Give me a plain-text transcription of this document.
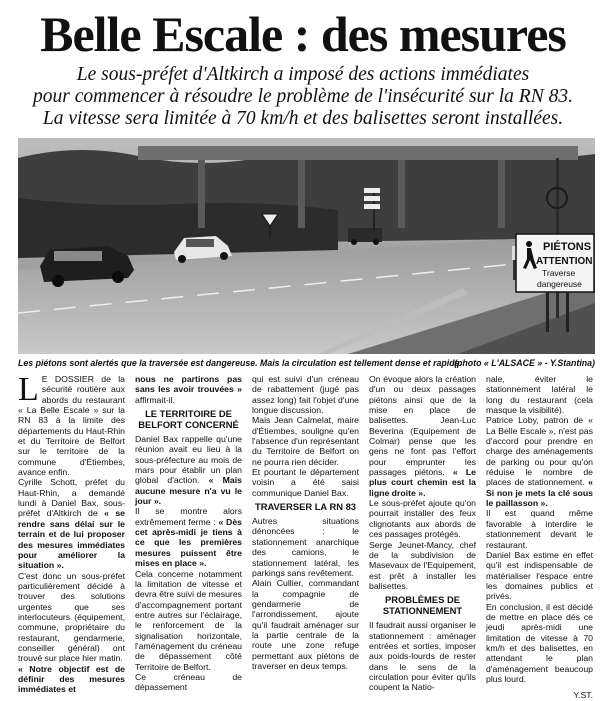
Belle Escale : des mesures
Le sous-préfet d'Altkirch a imposé des actions immédiates
pour commencer à résoudre le problème de l'insécurité sur la RN 83.
La vitesse sera limitée à 70 km/h et des balisettes seront installées.
PIÉTONS
ATTENTION
Traverse
dangereuse
Les piétons sont alertés que la traversée est dangereuse. Mais la circulation est tellement dense et rapide.
(photo « L'ALSACE » - Y.Stantina)

L E DOSSIER de la sécurité routière aux abords du restaurant « La Belle Escale » sur la RN 83 à la limite des départements du Haut-Rhin et du Territoire de Belfort sur le territoire de la commune d'Étiembes, avance enfin.

Cyrille Schott, préfet du Haut-Rhin, a demandé lundi à Daniel Bax, sous-préfet d'Altkirch de « se rendre sans délai sur le terrain et de lui proposer des mesures immédiates pour améliorer la situation ».

C'est donc un sous-préfet particulièrement décidé à trouver des solutions urgentes que ses interlocuteurs (équipement, commune, propriétaire du restaurant, gendarmerie, conseiller général) ont trouvé sur place hier matin.

« Notre objectif est de définir des mesures immédiates et

nous ne partirons pas sans les avoir trouvées » affirmait-il.

LE TERRITOIRE DE BELFORT CONCERNÉ

Daniel Bax rappelle qu'une réunion avait eu lieu à la sous-préfecture au mois de mars pour établir un plan global d'action. « Mais aucune mesure n'a vu le jour ».

Il se montre alors extrêmement ferme : « Dès cet après-midi je tiens à ce que les premières mesures puissent être mises en place ».

Cela concerne notamment la limitation de vitesse et devra être suivi de mesures d'accompagnement portant entre autres sur l'éclairage, le renforcement de la signalisation horizontale, l'aménagement du créneau de dépassement côté Territoire de Belfort.

Ce créneau de dépassement

qui est suivi d'un créneau de rabattement (jugé pas assez long) fait l'objet d'une longue discussion.

Mais Jean Calmelat, maire d'Étiembes, souligne qu'en l'absence d'un représentant du Territoire de Belfort on ne pourra rien décider.

Et pourtant le département voisin a été saisi communique Daniel Bax.

TRAVERSER LA RN 83

Autres situations dénoncées : le stationnement anarchique des camions, le stationnement latéral, les parkings sans revêtement.

Alain Cullier, commandant la compagnie de gendarmerie de l'arrondissement, ajoute qu'il faudrait aménager sur la partie centrale de la route une zone refuge permettant aux piétons de traverser en deux temps.

On évoque alors la création d'un ou deux passages piétons ainsi que de la mise en place de balisettes. Jean-Luc Beverina (Equipement de Colmar) pense que les gens ne font pas l'effort pour emprunter les passages piétons. « Le plus court chemin est la ligne droite ».

Le sous-préfet ajoute qu'on pourrait installer des feux clignotants aux abords de ces passages protégés.

Serge Jeunet-Mancy, chef de la subdivision de Masevaux de l'Equipement, est prêt à installer les balisettes.

PROBLÈMES DE STATIONNEMENT

Il faudrait aussi organiser le stationnement : aménager entrées et sorties, imposer aux poids-lourds de rester dans le sens de la circulation pour éviter qu'ils coupent la Natio-

nale, éviter le stationnement latéral le long du restaurant (cela masque la visibilité).

Patrice Loby, patron de « La Belle Escale », n'est pas d'accord pour prendre en charge des aménagements de parking ou pour qu'on réduise le nombre de places de stationnement. « Si non je mets la clé sous le paillasson ».

Il est quand même favorable à interdire le stationnement devant le restaurant.

Daniel Bax estime en effet qu'il est indispensable de matérialiser l'espace entre les domaines publics et privés.

En conclusion, il est décidé de mettre en place dès ce jeudi après-midi une limitation de vitesse à 70 km/h et des balisettes, en attendant le plan d'aménagement beaucoup plus lourd.

Y.ST.
